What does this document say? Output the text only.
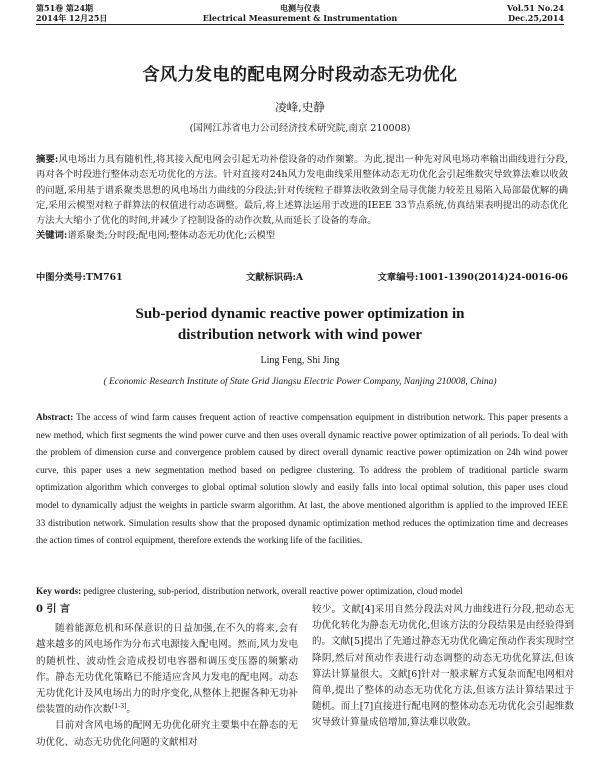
第51卷 第24期
2014年 12月25日
电测与仪表
Electrical Measurement & Instrumentation
Vol.51 No.24
Dec.25,2014
含风力发电的配电网分时段动态无功优化
凌峰,史静
(国网江苏省电力公司经济技术研究院,南京 210008)
摘要:风电场出力具有随机性,将其接入配电网会引起无功补偿设备的动作频繁。为此,提出一种先对风电场功率输出曲线进行分段,再对各个时段进行整体动态无功优化的方法。针对直接对24h风力发电曲线采用整体动态无功优化会引起维数灾导致算法难以收敛的问题,采用基于谱系聚类思想的风电场出力曲线的分段法;针对传统粒子群算法收敛到全局寻优能力较差且易陷入局部最优解的确定,采用云模型对粒子群算法的权值进行动态调整。最后,将上述算法运用于改进的IEEE 33节点系统,仿真结果表明提出的动态优化方法大大缩小了优化的时间,并减少了控制设备的动作次数,从而延长了设备的寿命。
关键词:谱系聚类;分时段;配电网;整体动态无功优化;云模型
中图分类号:TM761	文献标识码:A	文章编号:1001-1390(2014)24-0016-06
Sub-period dynamic reactive power optimization in
distribution network with wind power
Ling Feng, Shi Jing
( Economic Research Institute of State Grid Jiangsu Electric Power Company, Nanjing 210008, China)
Abstract: The access of wind farm causes frequent action of reactive compensation equipment in distribution network. This paper presents a new method, which first segments the wind power curve and then uses overall dynamic reactive power optimization of all periods. To deal with the problem of dimension curse and convergence problem caused by direct overall dynamic reactive power optimization on 24h wind power curve, this paper uses a new segmentation method based on pedigree clustering. To address the problem of traditional particle swarm optimization algorithm which converges to global optimal solution slowly and easily falls into local optimal solution, this paper uses cloud model to dynamically adjust the weights in particle swarm algorithm. At last, the above mentioned algorithm is applied to the improved IEEE 33 distribution network. Simulation results show that the proposed dynamic optimization method reduces the optimization time and decreases the action times of control equipment, therefore extends the working life of the facilities.
Key words: pedigree clustering, sub-period, distribution network, overall reactive power optimization, cloud model
0 引 言

随着能源危机和环保意识的日益加强,在不久的将来,会有越来越多的风电场作为分布式电源接入配电网。然而,风力发电的随机性、波动性会造成投切电容器和调压变压器的频繁动作。静态无功优化策略已不能适应含风力发电的配电网。动态无功优化计及风电场出力的时序变化,从整体上把握各种无功补偿装置的动作次数[1-3]。

目前对含风电场的配网无功优化研究主要集中在静态的无功优化、动态无功优化问题的文献相对

较少。文献[4]采用自然分段法对风力曲线进行分段,把动态无功优化转化为静态无功优化,但该方法的分段结果是由经验得到的。文献[5]提出了先通过静态无功优化确定预动作表实现时空降阴,然后对预动作表进行动态调整的动态无功优化算法,但该算法计算量很大。文献[6]针对一般求解方式复杂而配电网相对简单,提出了整体的动态无功优化方法,但该方法计算结果过于随机。而上[7]直接进行配电网的整体动态无功优化会引起维数灾导致计算量成倍增加,算法难以收敛。
